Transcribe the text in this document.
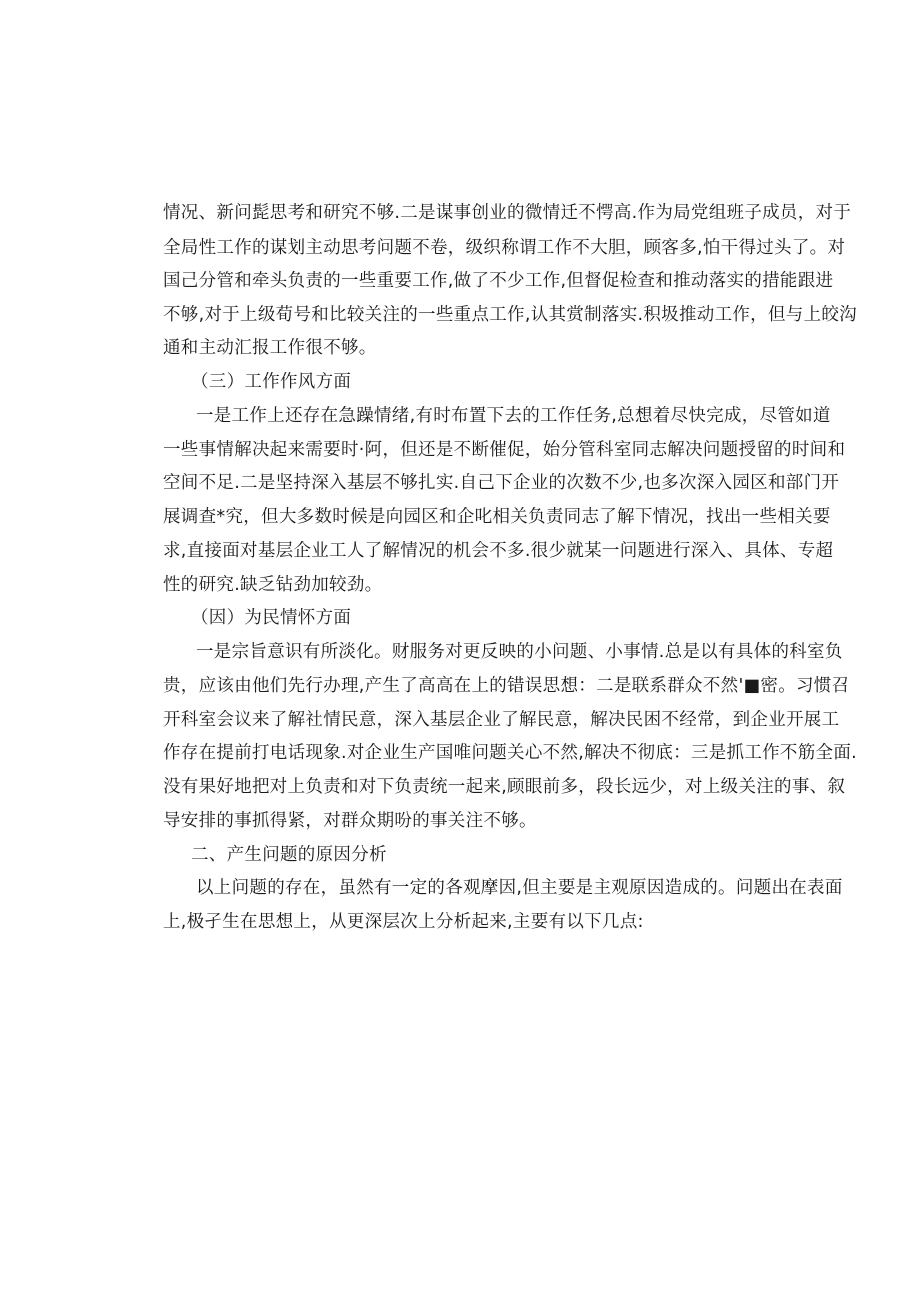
情况、新问髭思考和研究不够.二是谋事创业的微情迁不愕高.作为局党组班子成员，对于
全局性工作的谋划主动思考问题不卷，级织称谓工作不大胆，顾客多,怕干得过头了。对
国己分管和牵头负责的一些重要工作,做了不少工作,但督促检查和推动落实的措能跟进
不够,对于上级荀号和比较关注的一些重点工作,认其赏制落实.积圾推动工作，但与上皎沟
通和主动汇报工作很不够。
（三）工作作风方面
一是工作上还存在急躁情绪,有时布置下去的工作任务,总想着尽快完成，尽管如道
一些事情解决起来需要时·阿，但还是不断催促，始分管科室同志解决问题授留的时间和
空间不足.二是坚持深入基层不够扎实.自己下企业的次数不少,也多次深入园区和部门开
展调查*究，但大多数时候是向园区和企叱相关负责同志了解下情况，找出一些相关要
求,直接面对基层企业工人了解情况的机会不多.很少就某一问题进行深入、具体、专超
性的研究.缺乏钻劲加较劲。
（因）为民情怀方面
一是宗旨意识有所淡化。财服务对更反映的小问题、小事情.总是以有具体的科室负
贵，应该由他们先行办理,产生了高高在上的错误思想：二是联系群众不然'■密。习惯召
开科室会议来了解社情民意，深入基层企业了解民意，解决民困不经常，到企业开展工
作存在提前打电话现象.对企业生产国唯问题关心不然,解决不彻底：三是抓工作不筋全面.
没有果好地把对上负责和对下负责统一起来,顾眼前多，段长远少，对上级关注的事、叙
导安排的事抓得紧，对群众期吩的事关注不够。
二、产生问题的原因分析
以上问题的存在，虽然有一定的各观摩因,但主要是主观原因造成的。问题出在表面
上,极孑生在思想上，从更深层次上分析起来,主要有以下几点:
